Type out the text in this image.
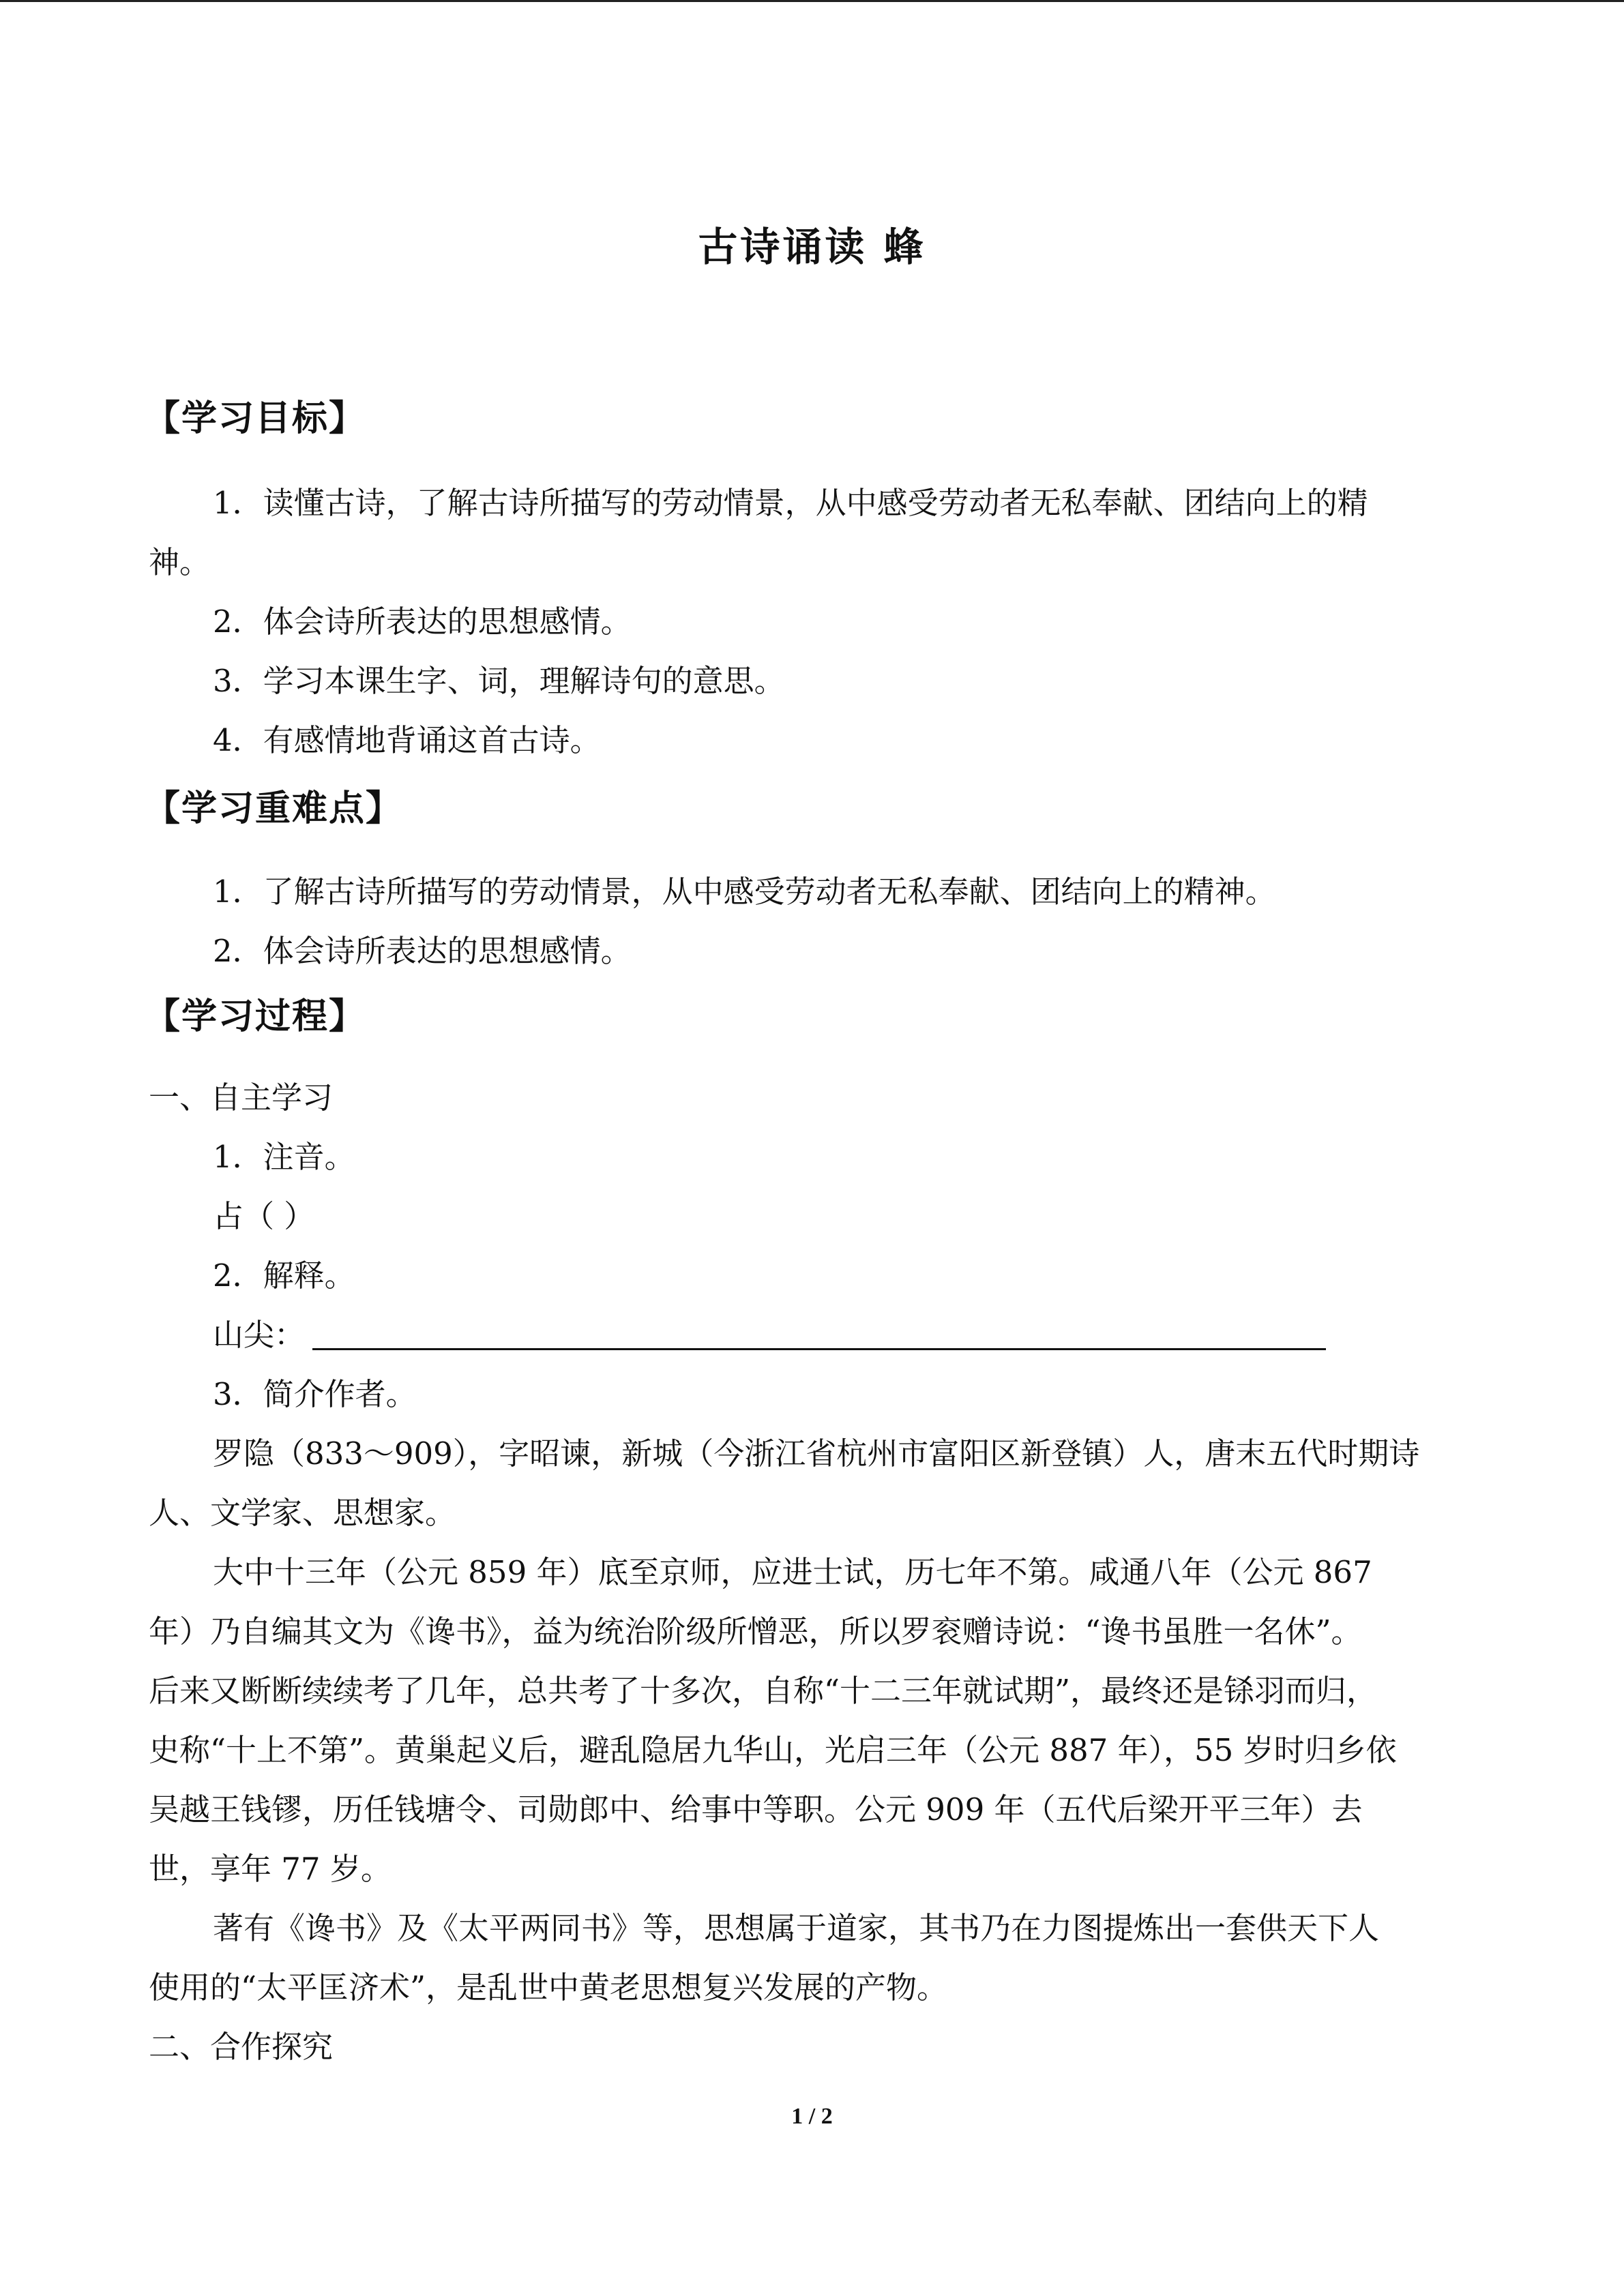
古诗诵读 蜂
【学习目标】
1．读懂古诗，了解古诗所描写的劳动情景，从中感受劳动者无私奉献、团结向上的精
神。
2．体会诗所表达的思想感情。
3．学习本课生字、词，理解诗句的意思。
4．有感情地背诵这首古诗。
【学习重难点】
1．了解古诗所描写的劳动情景，从中感受劳动者无私奉献、团结向上的精神。
2．体会诗所表达的思想感情。
【学习过程】
一、自主学习
1．注音。
占（ ）
2．解释。
山尖：
3．简介作者。
罗隐（833～909），字昭谏，新城（今浙江省杭州市富阳区新登镇）人，唐末五代时期诗
人、文学家、思想家。
大中十三年（公元 859 年）底至京师，应进士试，历七年不第。咸通八年（公元 867
年）乃自编其文为《谗书》，益为统治阶级所憎恶，所以罗衮赠诗说：“谗书虽胜一名休”。
后来又断断续续考了几年，总共考了十多次，自称“十二三年就试期”，最终还是铩羽而归，
史称“十上不第”。黄巢起义后，避乱隐居九华山，光启三年（公元 887 年），55 岁时归乡依
吴越王钱镠，历任钱塘令、司勋郎中、给事中等职。公元 909 年（五代后梁开平三年）去
世，享年 77 岁。
著有《谗书》及《太平两同书》等，思想属于道家，其书乃在力图提炼出一套供天下人
使用的“太平匡济术”，是乱世中黄老思想复兴发展的产物。
二、合作探究
1 / 2
